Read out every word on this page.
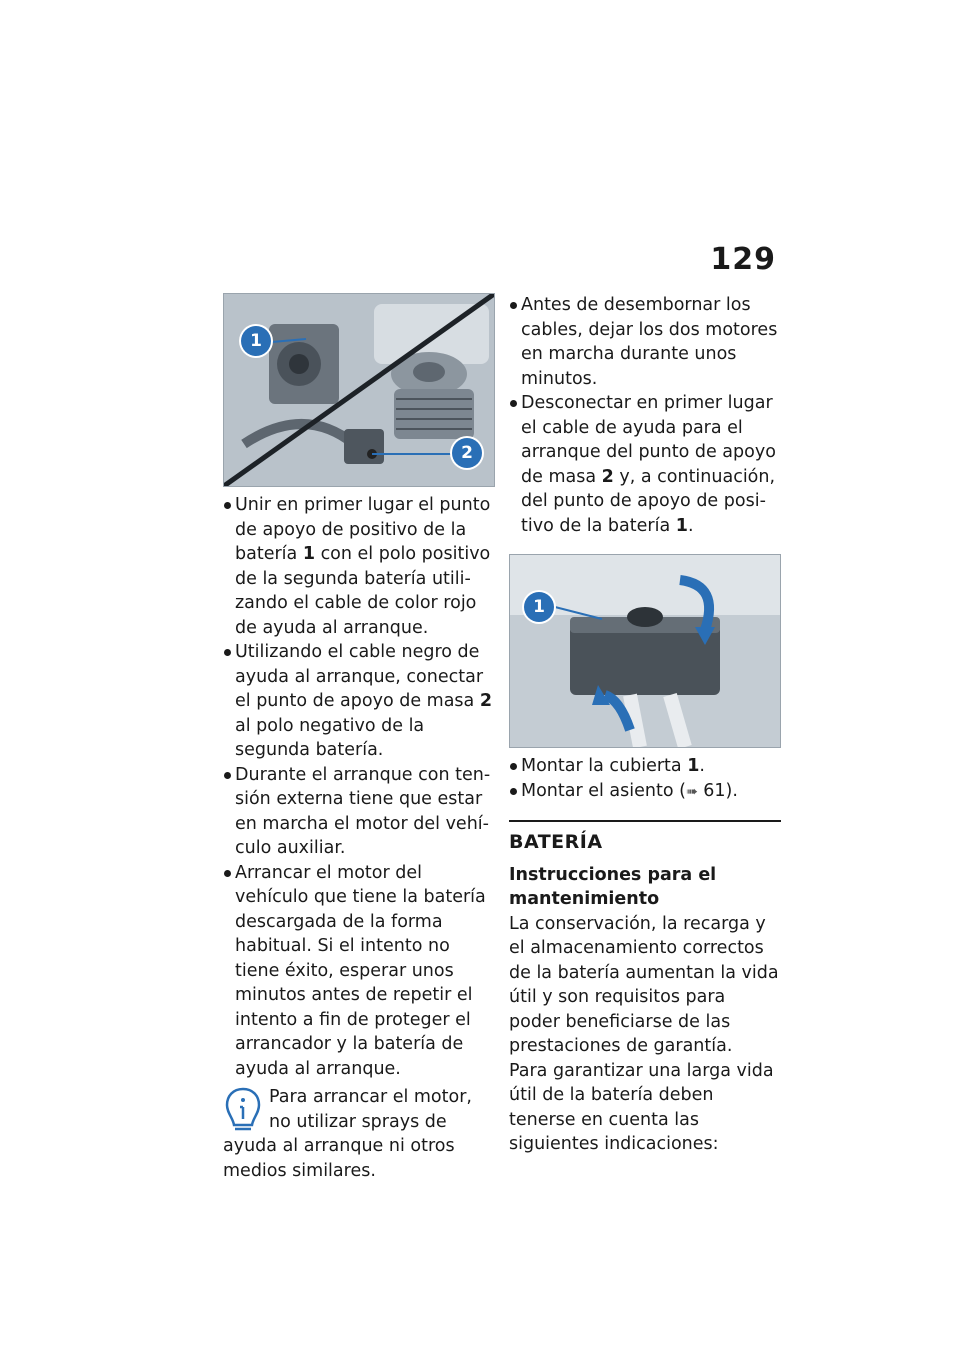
129
1
2
Unir en primer lugar el punto de apoyo de positivo de la batería 1 con el polo positivo de la segunda batería utilizando el cable de color rojo de ayuda al arranque.
Utilizando el cable negro de ayuda al arranque, conectar el punto de apoyo de masa 2 al polo negativo de la segunda batería.
Durante el arranque con tensión externa tiene que estar en marcha el motor del vehículo auxiliar.
Arrancar el motor del vehículo que tiene la batería descargada de la forma habitual. Si el intento no tiene éxito, esperar unos minutos antes de repetir el intento a fin de proteger el arrancador y la batería de ayuda al arranque.
Para arrancar el motor, no utilizar sprays de ayuda al arranque ni otros medios similares.
Antes de desembornar los cables, dejar los dos motores en marcha durante unos minutos.
Desconectar en primer lugar el cable de ayuda para el arranque del punto de apoyo de masa 2 y, a continuación, del punto de apoyo de positivo de la batería 1.
1
Montar la cubierta 1.
Montar el asiento (➠ 61).
BATERÍA
Instrucciones para el mantenimiento
La conservación, la recarga y el almacenamiento correctos de la batería aumentan la vida útil y son requisitos para poder beneficiarse de las prestaciones de garantía.
Para garantizar una larga vida útil de la batería deben tenerse en cuenta las siguientes indicaciones:
